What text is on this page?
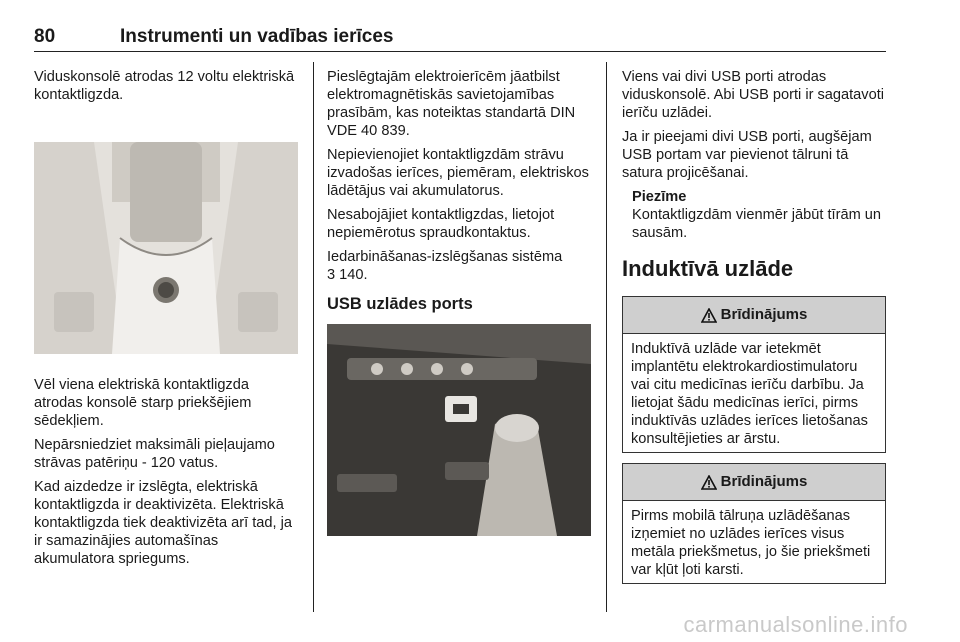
80	Instrumenti un vadības ierīces

Viduskonsolē atrodas 12 voltu elektriskā kontaktligzda.

Vēl viena elektriskā kontaktligzda atrodas konsolē starp priekšējiem sēdekļiem.

Nepārsniedziet maksimāli pieļaujamo strāvas patēriņu - 120 vatus.

Kad aizdedze ir izslēgta, elektriskā kontaktligzda ir deaktivizēta. Elektriskā kontaktligzda tiek deaktivizēta arī tad, ja ir samazinājies automašīnas akumulatora spriegums.

Pieslēgtajām elektroierīcēm jāatbilst elektromagnētiskās savietojamības prasībām, kas noteiktas standartā DIN VDE 40 839.

Nepievienojiet kontaktligzdām strāvu izvadošas ierīces, piemēram, elektriskos lādētājus vai akumulatorus.

Nesabojājiet kontaktligzdas, lietojot nepiemērotus spraudkontaktus.

Iedarbināšanas-izslēgšanas sistēma
3 140.

USB uzlādes ports

Viens vai divi USB porti atrodas viduskonsolē. Abi USB porti ir sagatavoti ierīču uzlādei.

Ja ir pieejami divi USB porti, augšējam USB portam var pievienot tālruni tā satura projicēšanai.

Piezīme
Kontaktligzdām vienmēr jābūt tīrām un sausām.
Induktīvā uzlāde
Brīdinājums
Induktīvā uzlāde var ietekmēt implantētu elektrokardiostimulatoru vai citu medicīnas ierīču darbību. Ja lietojat šādu medicīnas ierīci, pirms induktīvās uzlādes ierīces lietošanas konsultējieties ar ārstu.
Brīdinājums
Pirms mobilā tālruņa uzlādēšanas izņemiet no uzlādes ierīces visus metāla priekšmetus, jo šie priekšmeti var kļūt ļoti karsti.
carmanualsonline.info
